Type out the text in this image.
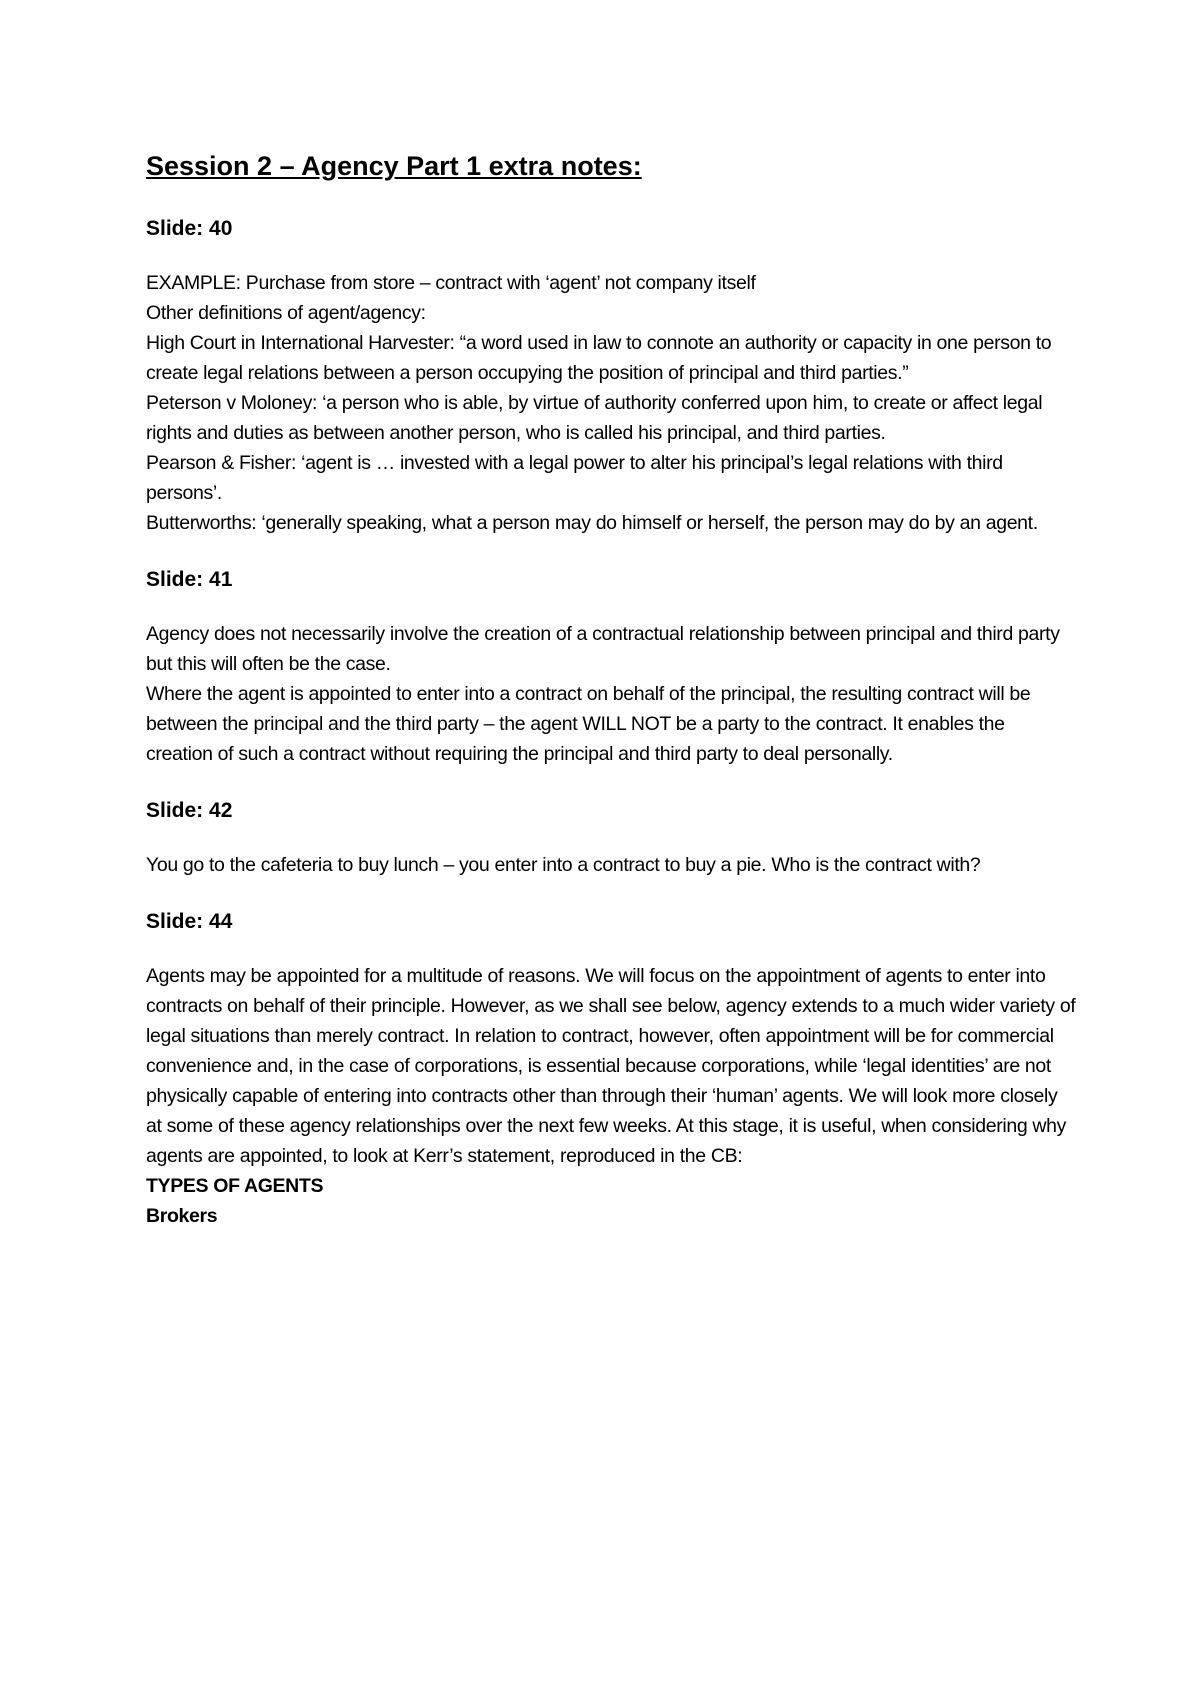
Session 2 – Agency Part 1 extra notes:
Slide: 40

EXAMPLE: Purchase from store – contract with ‘agent’ not company itself

Other definitions of agent/agency:

High Court in International Harvester: “a word used in law to connote an authority or capacity in one person to create legal relations between a person occupying the position of principal and third parties.”

Peterson v Moloney: ‘a person who is able, by virtue of authority conferred upon him, to create or affect legal rights and duties as between another person, who is called his principal, and third parties.

Pearson & Fisher: ‘agent is … invested with a legal power to alter his principal’s legal relations with third persons’.

Butterworths: ‘generally speaking, what a person may do himself or herself, the person may do by an agent.

Slide: 41

Agency does not necessarily involve the creation of a contractual relationship between principal and third party but this will often be the case.

Where the agent is appointed to enter into a contract on behalf of the principal, the resulting contract will be between the principal and the third party – the agent WILL NOT be a party to the contract. It enables the creation of such a contract without requiring the principal and third party to deal personally.

Slide: 42

You go to the cafeteria to buy lunch – you enter into a contract to buy a pie. Who is the contract with?

Slide: 44

Agents may be appointed for a multitude of reasons. We will focus on the appointment of agents to enter into contracts on behalf of their principle. However, as we shall see below, agency extends to a much wider variety of legal situations than merely contract. In relation to contract, however, often appointment will be for commercial convenience and, in the case of corporations, is essential because corporations, while ‘legal identities’ are not physically capable of entering into contracts other than through their ‘human’ agents. We will look more closely at some of these agency relationships over the next few weeks. At this stage, it is useful, when considering why agents are appointed, to look at Kerr’s statement, reproduced in the CB:

TYPES OF AGENTS

Brokers
